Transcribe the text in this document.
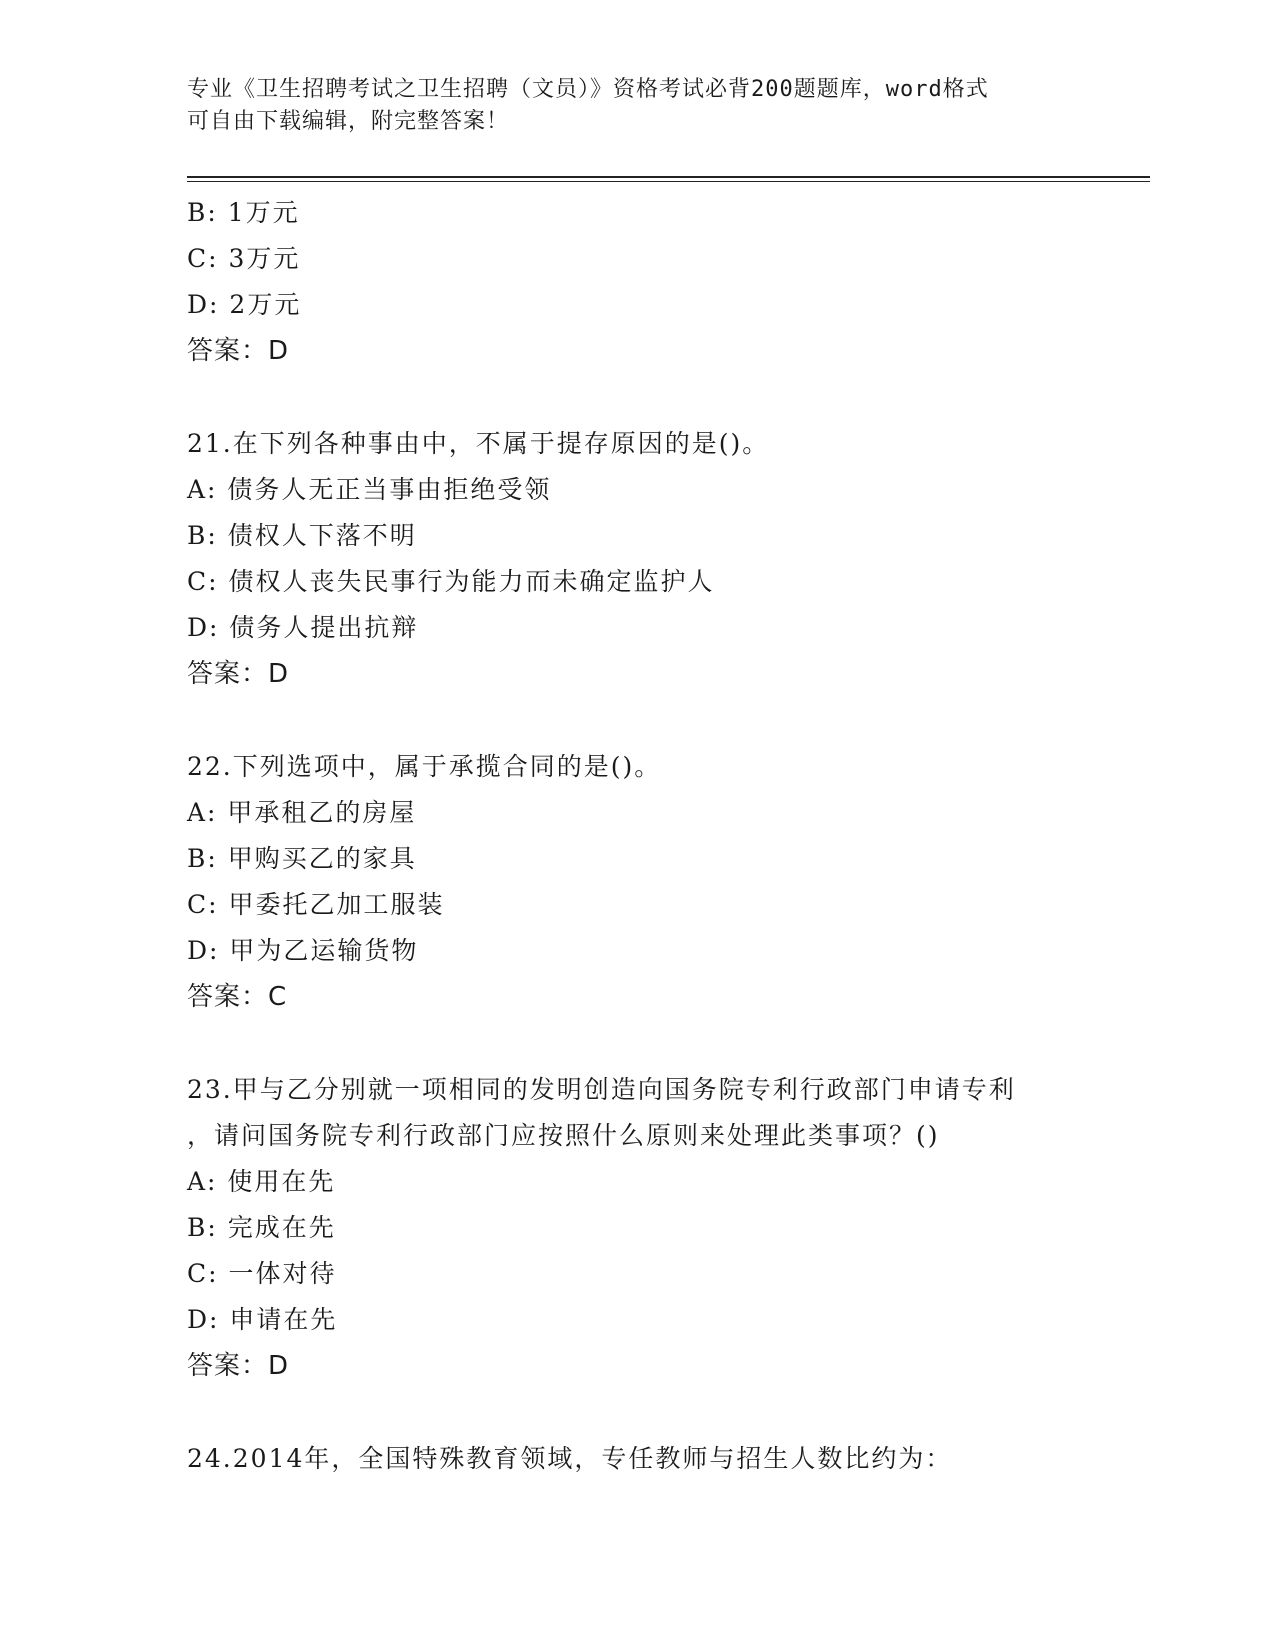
专业《卫生招聘考试之卫生招聘（文员）》资格考试必背200题题库，word格式
可自由下载编辑，附完整答案！
B: 1万元
C: 3万元
D: 2万元
答案：D
21.在下列各种事由中，不属于提存原因的是()。
A: 债务人无正当事由拒绝受领
B: 债权人下落不明
C: 债权人丧失民事行为能力而未确定监护人
D: 债务人提出抗辩
答案：D
22.下列选项中，属于承揽合同的是()。
A: 甲承租乙的房屋
B: 甲购买乙的家具
C: 甲委托乙加工服装
D: 甲为乙运输货物
答案：C
23.甲与乙分别就一项相同的发明创造向国务院专利行政部门申请专利
，请问国务院专利行政部门应按照什么原则来处理此类事项？()
A: 使用在先
B: 完成在先
C: 一体对待
D: 申请在先
答案：D
24.2014年，全国特殊教育领域，专任教师与招生人数比约为：
